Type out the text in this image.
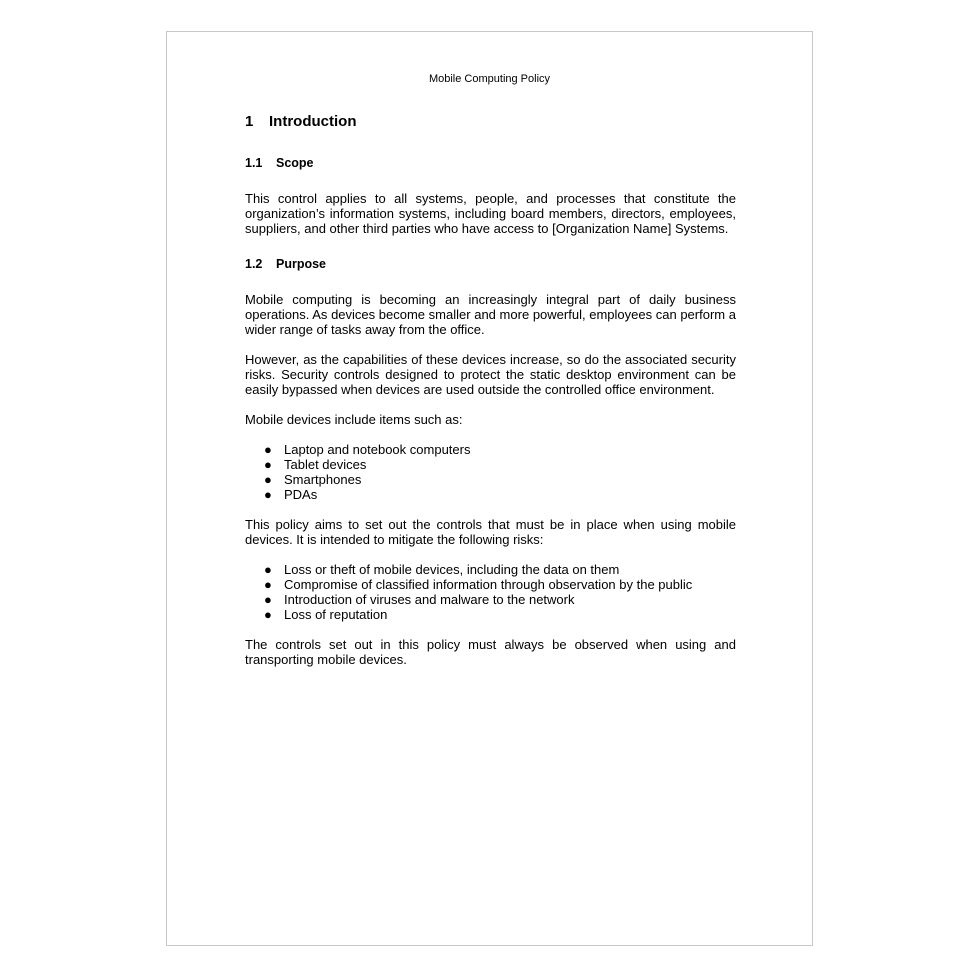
Mobile Computing Policy
1	Introduction
1.1	Scope

This control applies to all systems, people, and processes that constitute the organization’s information systems, including board members, directors, employees, suppliers, and other third parties who have access to [Organization Name] Systems.

1.2	Purpose

Mobile computing is becoming an increasingly integral part of daily business operations. As devices become smaller and more powerful, employees can perform a wider range of tasks away from the office.

However, as the capabilities of these devices increase, so do the associated security risks. Security controls designed to protect the static desktop environment can be easily bypassed when devices are used outside the controlled office environment.

Mobile devices include items such as:

● Laptop and notebook computers
● Tablet devices
● Smartphones
● PDAs

This policy aims to set out the controls that must be in place when using mobile devices. It is intended to mitigate the following risks:

● Loss or theft of mobile devices, including the data on them
● Compromise of classified information through observation by the public
● Introduction of viruses and malware to the network
● Loss of reputation

The controls set out in this policy must always be observed when using and transporting mobile devices.
